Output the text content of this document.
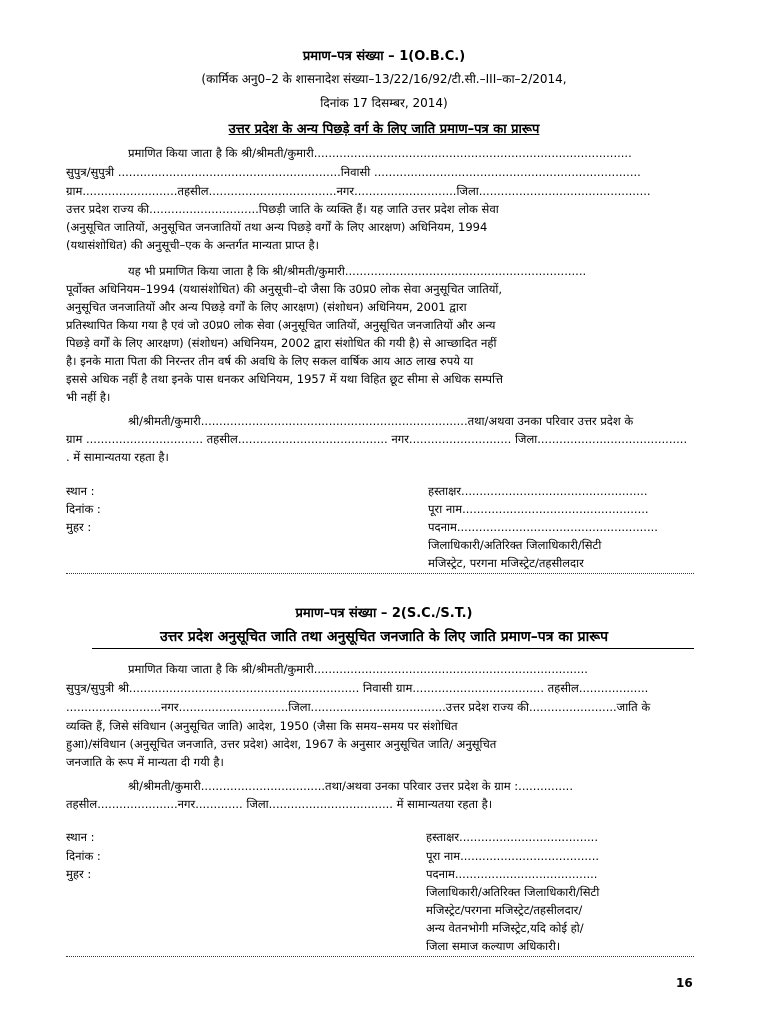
प्रमाण–पत्र संख्या – 1(O.B.C.)
(कार्मिक अनु0–2 के शासनादेश संख्या–13/22/16/92/टी.सी.–III–का–2/2014,
दिनांक 17 दिसम्बर, 2014)
उत्तर प्रदेश के अन्य पिछड़े वर्ग के लिए जाति प्रमाण–पत्र का प्रारूप
प्रमाणित किया जाता है कि श्री/श्रीमती/कुमारी.......................................................................................
सुपुत्र/सुपुत्री .............................................................निवासी .........................................................................
ग्राम..........................तहसील...................................नगर............................जिला...............................................
उत्तर प्रदेश राज्य की..............................पिछड़ी जाति के व्यक्ति हैं। यह जाति उत्तर प्रदेश लोक सेवा
(अनुसूचित जातियों, अनुसूचित जनजातियों तथा अन्य पिछड़े वर्गों के लिए आरक्षण) अधिनियम, 1994
(यथासंशोधित) की अनुसूची–एक के अन्तर्गत मान्यता प्राप्त है।
यह भी प्रमाणित किया जाता है कि श्री/श्रीमती/कुमारी..................................................................
पूर्वोक्त अधिनियम–1994 (यथासंशोधित) की अनुसूची–दो जैसा कि उ0प्र0 लोक सेवा अनुसूचित जातियों,
अनुसूचित जनजातियों और अन्य पिछड़े वर्गों के लिए आरक्षण) (संशोधन) अधिनियम, 2001 द्वारा
प्रतिस्थापित किया गया है एवं जो उ0प्र0 लोक सेवा (अनुसूचित जातियों, अनुसूचित जनजातियों और अन्य
पिछड़े वर्गों के लिए आरक्षण) (संशोधन) अधिनियम, 2002 द्वारा संशोधित की गयी है) से आच्छादित नहीं
है। इनके माता पिता की निरन्तर तीन वर्ष की अवधि के लिए सकल वार्षिक आय आठ लाख रुपये या
इससे अधिक नहीं है तथा इनके पास धनकर अधिनियम, 1957 में यथा विहित छूट सीमा से अधिक सम्पत्ति
भी नहीं है।
श्री/श्रीमती/कुमारी.........................................................................तथा/अथवा उनका परिवार उत्तर प्रदेश के
ग्राम ................................ तहसील......................................... नगर............................ जिला.........................................
. में सामान्यतया रहता है।
स्थान :
दिनांक :
मुहर :
हस्ताक्षर...................................................
पूरा नाम...................................................
पदनाम.......................................................
जिलाधिकारी/अतिरिक्त जिलाधिकारी/सिटी
मजिस्ट्रेट, परगना मजिस्ट्रेट/तहसीलदार
प्रमाण–पत्र संख्या – 2(S.C./S.T.)
उत्तर प्रदेश अनुसूचित जाति तथा अनुसूचित जनजाति के लिए जाति प्रमाण–पत्र का प्रारूप
प्रमाणित किया जाता है कि श्री/श्रीमती/कुमारी...........................................................................
सुपुत्र/सुपुत्री श्री............................................................... निवासी ग्राम.................................... तहसील...................
..........................नगर..............................जिला.....................................उत्तर प्रदेश राज्य की........................जाति के
व्यक्ति हैं, जिसे संविधान (अनुसूचित जाति) आदेश, 1950 (जैसा कि समय–समय पर संशोधित
हुआ)/संविधान (अनुसूचित जनजाति, उत्तर प्रदेश) आदेश, 1967 के अनुसार अनुसूचित जाति/ अनुसूचित
जनजाति के रूप में मान्यता दी गयी है।
श्री/श्रीमती/कुमारी..................................तथा/अथवा उनका परिवार उत्तर प्रदेश के ग्राम :...............
तहसील......................नगर............. जिला.................................. में सामान्यतया रहता है।
स्थान :
दिनांक :
मुहर :
हस्ताक्षर......................................
पूरा नाम......................................
पदनाम.......................................
जिलाधिकारी/अतिरिक्त जिलाधिकारी/सिटी
मजिस्ट्रेट/परगना मजिस्ट्रेट/तहसीलदार/
अन्य वेतनभोगी मजिस्ट्रेट,यदि कोई हो/
जिला समाज कल्याण अधिकारी।
16
